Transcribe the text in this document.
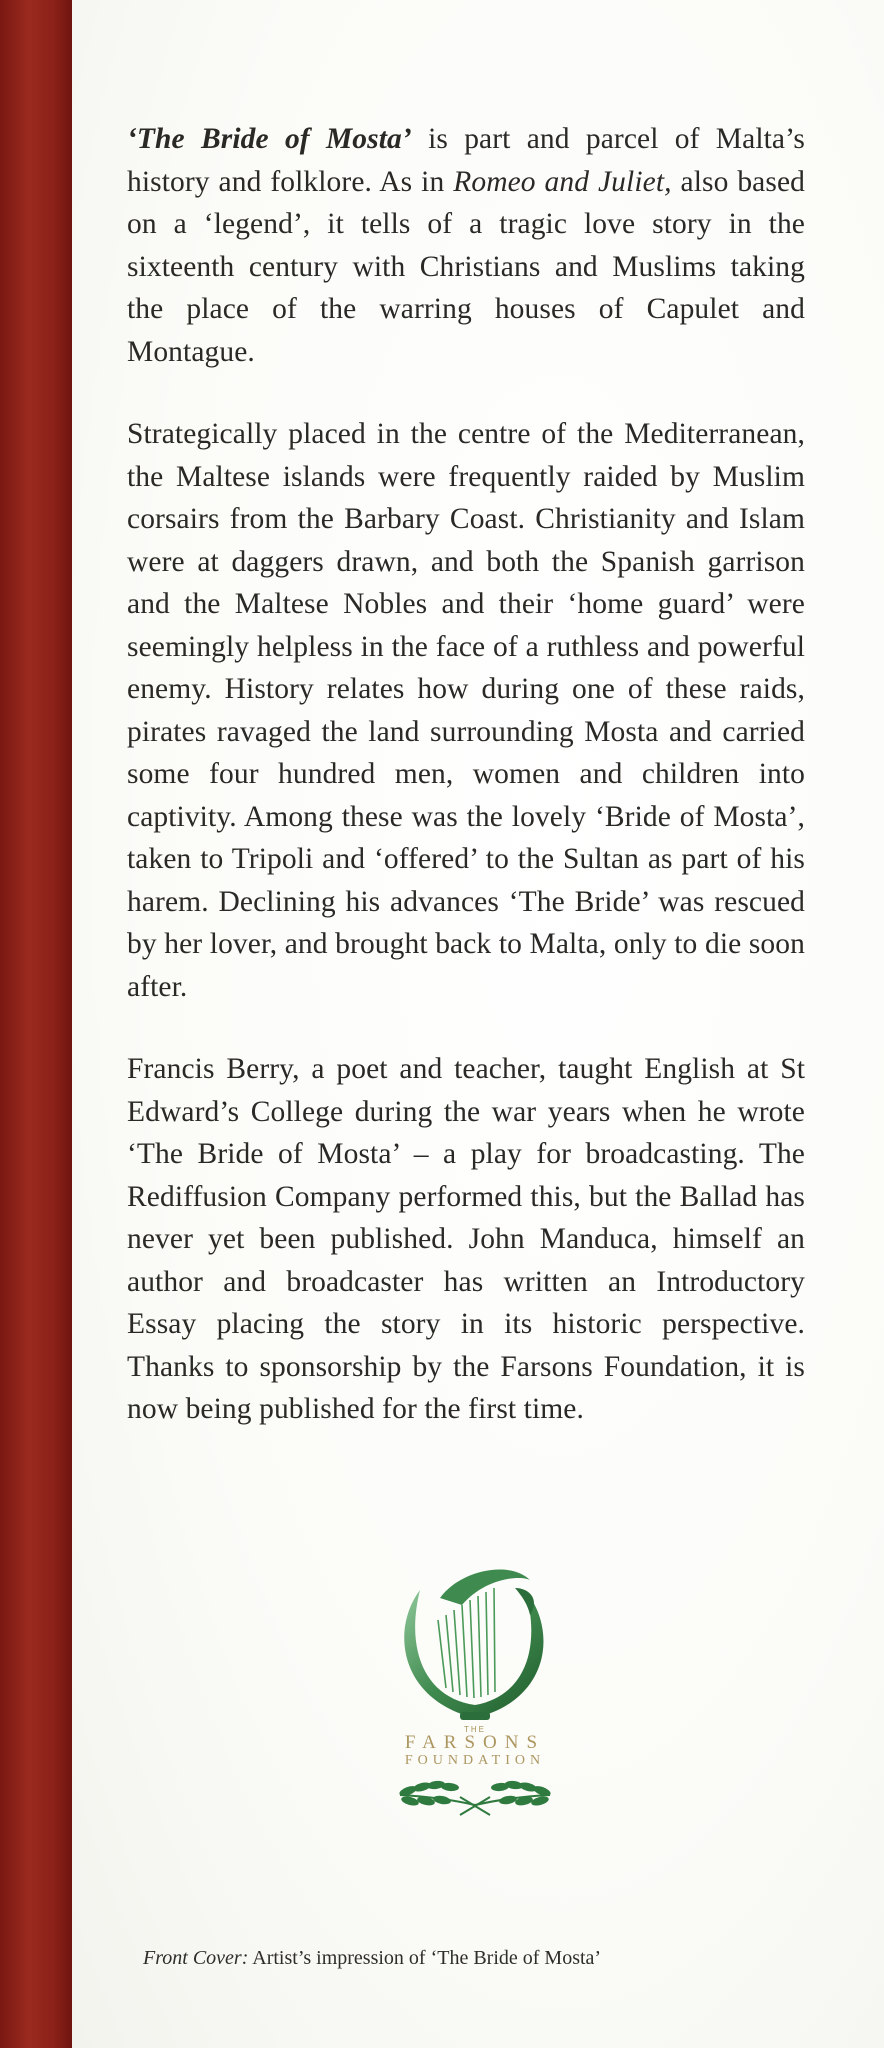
‘The Bride of Mosta’ is part and parcel of Malta’s history and folklore. As in Romeo and Juliet, also based on a ‘legend’, it tells of a tragic love story in the sixteenth century with Christians and Muslims taking the place of the warring houses of Capulet and Montague.

Strategically placed in the centre of the Mediterranean, the Maltese islands were frequently raided by Muslim corsairs from the Barbary Coast. Christianity and Islam were at daggers drawn, and both the Spanish garrison and the Maltese Nobles and their ‘home guard’ were seemingly helpless in the face of a ruthless and powerful enemy. History relates how during one of these raids, pirates ravaged the land surrounding Mosta and carried some four hundred men, women and children into captivity. Among these was the lovely ‘Bride of Mosta’, taken to Tripoli and ‘offered’ to the Sultan as part of his harem. Declining his advances ‘The Bride’ was rescued by her lover, and brought back to Malta, only to die soon after.

Francis Berry, a poet and teacher, taught English at St Edward’s College during the war years when he wrote ‘The Bride of Mosta’ – a play for broadcasting. The Rediffusion Company performed this, but the Ballad has never yet been published. John Manduca, himself an author and broadcaster has written an Introductory Essay placing the story in its historic perspective. Thanks to sponsorship by the Farsons Foundation, it is now being published for the first time.

THE
FARSONS
FOUNDATION
Front Cover: Artist’s impression of ‘The Bride of Mosta’
